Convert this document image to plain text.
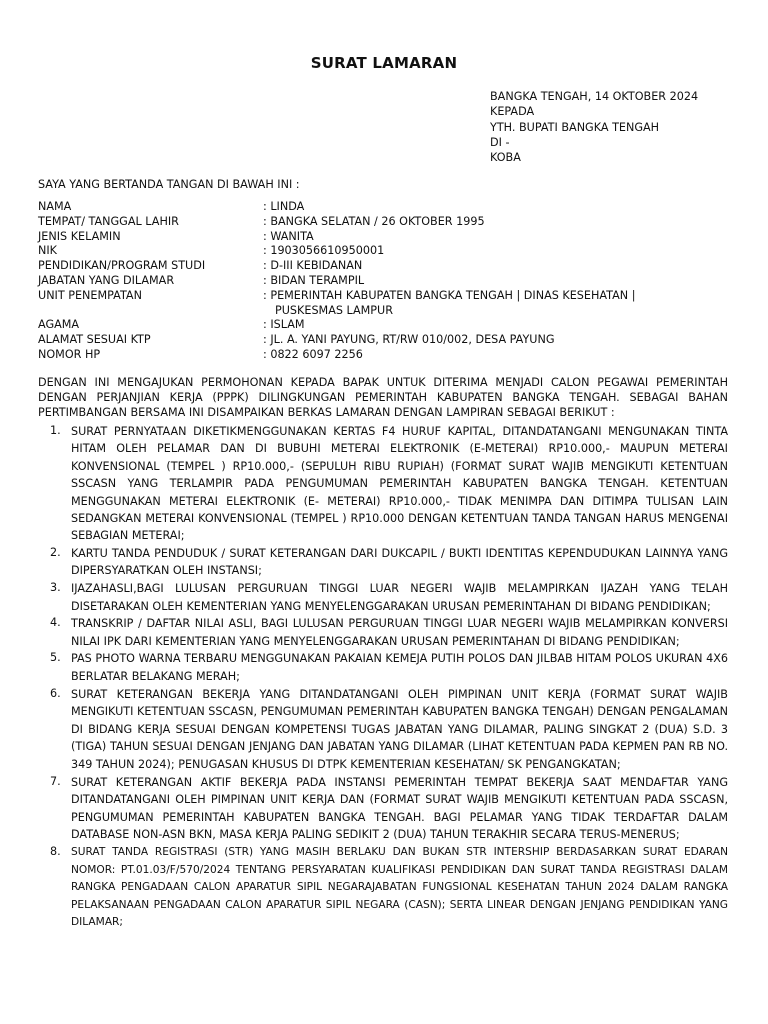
SURAT LAMARAN
BANGKA TENGAH, 14 OKTOBER 2024
KEPADA
YTH. BUPATI BANGKA TENGAH
DI -
KOBA
SAYA YANG BERTANDA TANGAN DI BAWAH INI :
NAMA	: LINDA
TEMPAT/ TANGGAL LAHIR	: BANGKA SELATAN / 26 OKTOBER 1995
JENIS KELAMIN	: WANITA
NIK	: 1903056610950001
PENDIDIKAN/PROGRAM STUDI	: D-III KEBIDANAN
JABATAN YANG DILAMAR	: BIDAN TERAMPIL
UNIT PENEMPATAN	: PEMERINTAH KABUPATEN BANGKA TENGAH | DINAS KESEHATAN | PUSKESMAS LAMPUR
AGAMA	: ISLAM
ALAMAT SESUAI KTP	: JL. A. YANI PAYUNG, RT/RW 010/002, DESA PAYUNG
NOMOR HP	: 0822 6097 2256
DENGAN INI MENGAJUKAN PERMOHONAN KEPADA BAPAK UNTUK DITERIMA MENJADI CALON PEGAWAI PEMERINTAH DENGAN PERJANJIAN KERJA (PPPK) DILINGKUNGAN PEMERINTAH KABUPATEN BANGKA TENGAH. SEBAGAI BAHAN PERTIMBANGAN BERSAMA INI DISAMPAIKAN BERKAS LAMARAN DENGAN LAMPIRAN SEBAGAI BERIKUT :
1. SURAT PERNYATAAN DIKETIKMENGGUNAKAN KERTAS F4 HURUF KAPITAL, DITANDATANGANI MENGUNAKAN TINTA HITAM OLEH PELAMAR DAN DI BUBUHI METERAI ELEKTRONIK (E-METERAI) RP10.000,- MAUPUN METERAI KONVENSIONAL (TEMPEL ) RP10.000,- (SEPULUH RIBU RUPIAH) (FORMAT SURAT WAJIB MENGIKUTI KETENTUAN SSCASN YANG TERLAMPIR PADA PENGUMUMAN PEMERINTAH KABUPATEN BANGKA TENGAH. KETENTUAN MENGGUNAKAN METERAI ELEKTRONIK (E- METERAI) RP10.000,- TIDAK MENIMPA DAN DITIMPA TULISAN LAIN SEDANGKAN METERAI KONVENSIONAL (TEMPEL ) RP10.000 DENGAN KETENTUAN TANDA TANGAN HARUS MENGENAI SEBAGIAN METERAI;
2. KARTU TANDA PENDUDUK / SURAT KETERANGAN DARI DUKCAPIL / BUKTI IDENTITAS KEPENDUDUKAN LAINNYA YANG DIPERSYARATKAN OLEH INSTANSI;
3. IJAZAHASLI,BAGI LULUSAN PERGURUAN TINGGI LUAR NEGERI WAJIB MELAMPIRKAN IJAZAH YANG TELAH DISETARAKAN OLEH KEMENTERIAN YANG MENYELENGGARAKAN URUSAN PEMERINTAHAN DI BIDANG PENDIDIKAN;
4. TRANSKRIP / DAFTAR NILAI ASLI, BAGI LULUSAN PERGURUAN TINGGI LUAR NEGERI WAJIB MELAMPIRKAN KONVERSI NILAI IPK DARI KEMENTERIAN YANG MENYELENGGARAKAN URUSAN PEMERINTAHAN DI BIDANG PENDIDIKAN;
5. PAS PHOTO WARNA TERBARU MENGGUNAKAN PAKAIAN KEMEJA PUTIH POLOS DAN JILBAB HITAM POLOS UKURAN 4X6 BERLATAR BELAKANG MERAH;
6. SURAT KETERANGAN BEKERJA YANG DITANDATANGANI OLEH PIMPINAN UNIT KERJA (FORMAT SURAT WAJIB MENGIKUTI KETENTUAN SSCASN, PENGUMUMAN PEMERINTAH KABUPATEN BANGKA TENGAH) DENGAN PENGALAMAN DI BIDANG KERJA SESUAI DENGAN KOMPETENSI TUGAS JABATAN YANG DILAMAR, PALING SINGKAT 2 (DUA) S.D. 3 (TIGA) TAHUN SESUAI DENGAN JENJANG DAN JABATAN YANG DILAMAR (LIHAT KETENTUAN PADA KEPMEN PAN RB NO. 349 TAHUN 2024); PENUGASAN KHUSUS DI DTPK KEMENTERIAN KESEHATAN/ SK PENGANGKATAN;
7. SURAT KETERANGAN AKTIF BEKERJA PADA INSTANSI PEMERINTAH TEMPAT BEKERJA SAAT MENDAFTAR YANG DITANDATANGANI OLEH PIMPINAN UNIT KERJA DAN (FORMAT SURAT WAJIB MENGIKUTI KETENTUAN PADA SSCASN, PENGUMUMAN PEMERINTAH KABUPATEN BANGKA TENGAH. BAGI PELAMAR YANG TIDAK TERDAFTAR DALAM DATABASE NON-ASN BKN, MASA KERJA PALING SEDIKIT 2 (DUA) TAHUN TERAKHIR SECARA TERUS-MENERUS;
8. SURAT TANDA REGISTRASI (STR) YANG MASIH BERLAKU DAN BUKAN STR INTERSHIP BERDASARKAN SURAT EDARAN NOMOR: PT.01.03/F/570/2024 TENTANG PERSYARATAN KUALIFIKASI PENDIDIKAN DAN SURAT TANDA REGISTRASI DALAM RANGKA PENGADAAN CALON APARATUR SIPIL NEGARAJABATAN FUNGSIONAL KESEHATAN TAHUN 2024 DALAM RANGKA PELAKSANAAN PENGADAAN CALON APARATUR SIPIL NEGARA (CASN); SERTA LINEAR DENGAN JENJANG PENDIDIKAN YANG DILAMAR;
